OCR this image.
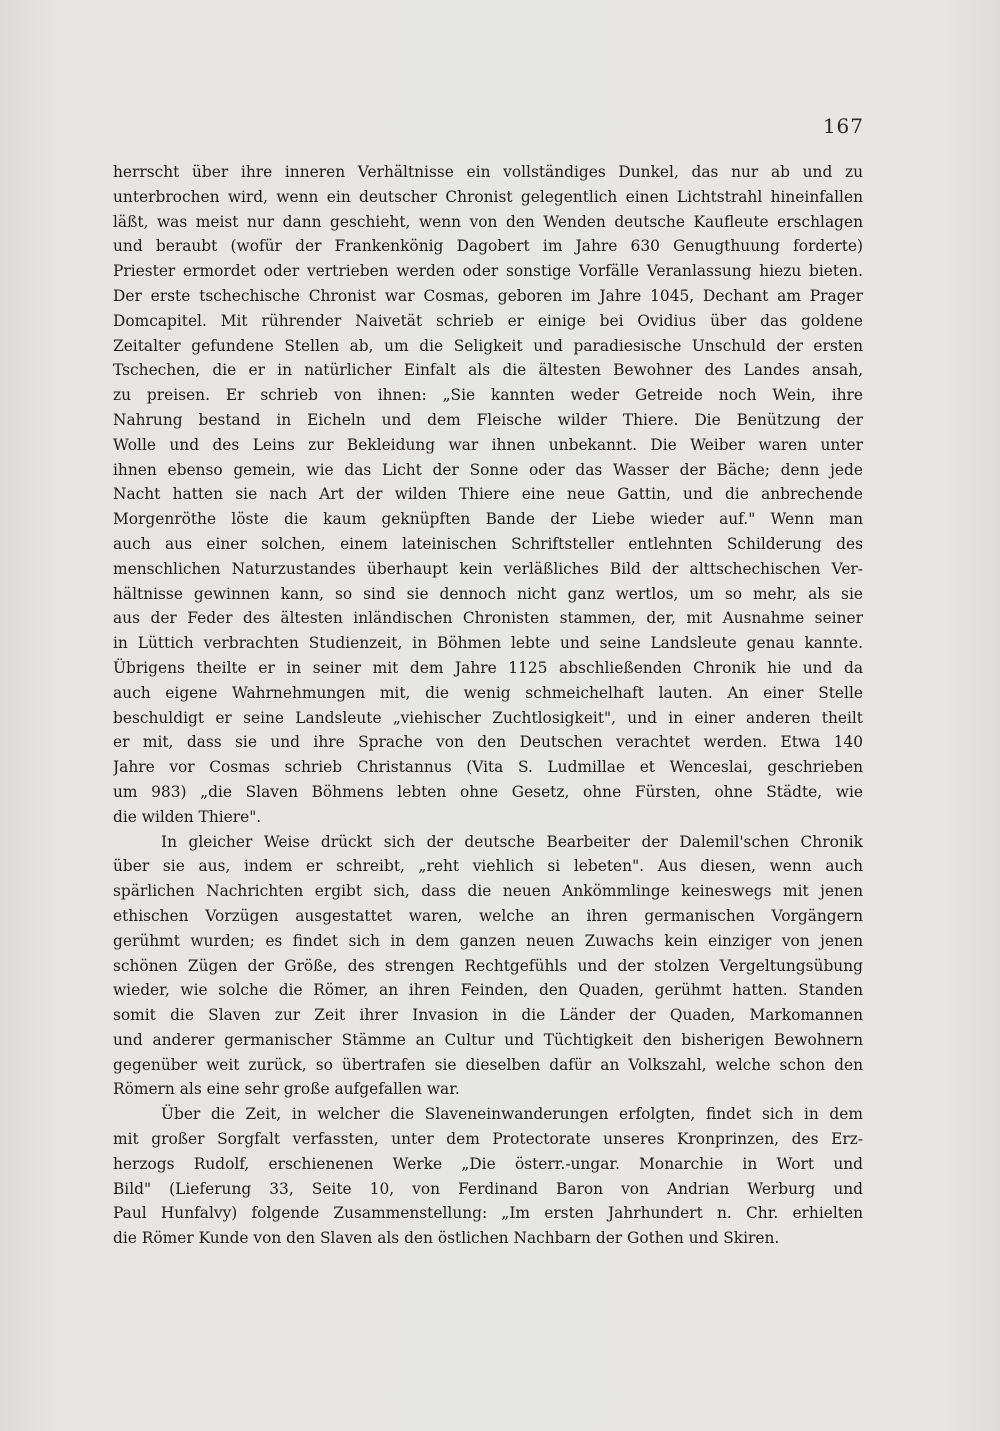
167
herrscht über ihre inneren Verhältnisse ein vollständiges Dunkel, das nur ab und zu
unterbrochen wird, wenn ein deutscher Chronist gelegentlich einen Lichtstrahl hineinfallen
läßt, was meist nur dann geschieht, wenn von den Wenden deutsche Kaufleute erschlagen
und beraubt (wofür der Frankenkönig Dagobert im Jahre 630 Genugthuung forderte)
Priester ermordet oder vertrieben werden oder sonstige Vorfälle Veranlassung hiezu bieten.
Der erste tschechische Chronist war Cosmas, geboren im Jahre 1045, Dechant am Prager
Domcapitel. Mit rührender Naivetät schrieb er einige bei Ovidius über das goldene
Zeitalter gefundene Stellen ab, um die Seligkeit und paradiesische Unschuld der ersten
Tschechen, die er in natürlicher Einfalt als die ältesten Bewohner des Landes ansah,
zu preisen. Er schrieb von ihnen: „Sie kannten weder Getreide noch Wein, ihre
Nahrung bestand in Eicheln und dem Fleische wilder Thiere. Die Benützung der
Wolle und des Leins zur Bekleidung war ihnen unbekannt. Die Weiber waren unter
ihnen ebenso gemein, wie das Licht der Sonne oder das Wasser der Bäche; denn jede
Nacht hatten sie nach Art der wilden Thiere eine neue Gattin, und die anbrechende
Morgenröthe löste die kaum geknüpften Bande der Liebe wieder auf." Wenn man
auch aus einer solchen, einem lateinischen Schriftsteller entlehnten Schilderung des
menschlichen Naturzustandes überhaupt kein verläßliches Bild der alttschechischen Ver-
hältnisse gewinnen kann, so sind sie dennoch nicht ganz wertlos, um so mehr, als sie
aus der Feder des ältesten inländischen Chronisten stammen, der, mit Ausnahme seiner
in Lüttich verbrachten Studienzeit, in Böhmen lebte und seine Landsleute genau kannte.
Übrigens theilte er in seiner mit dem Jahre 1125 abschließenden Chronik hie und da
auch eigene Wahrnehmungen mit, die wenig schmeichelhaft lauten. An einer Stelle
beschuldigt er seine Landsleute „viehischer Zuchtlosigkeit", und in einer anderen theilt
er mit, dass sie und ihre Sprache von den Deutschen verachtet werden. Etwa 140
Jahre vor Cosmas schrieb Christannus (Vita S. Ludmillae et Wenceslai, geschrieben
um 983) „die Slaven Böhmens lebten ohne Gesetz, ohne Fürsten, ohne Städte, wie
die wilden Thiere".
In gleicher Weise drückt sich der deutsche Bearbeiter der Dalemil'schen Chronik
über sie aus, indem er schreibt, „reht viehlich si lebeten". Aus diesen, wenn auch
spärlichen Nachrichten ergibt sich, dass die neuen Ankömmlinge keineswegs mit jenen
ethischen Vorzügen ausgestattet waren, welche an ihren germanischen Vorgängern
gerühmt wurden; es findet sich in dem ganzen neuen Zuwachs kein einziger von jenen
schönen Zügen der Größe, des strengen Rechtgefühls und der stolzen Vergeltungsübung
wieder, wie solche die Römer, an ihren Feinden, den Quaden, gerühmt hatten. Standen
somit die Slaven zur Zeit ihrer Invasion in die Länder der Quaden, Markomannen
und anderer germanischer Stämme an Cultur und Tüchtigkeit den bisherigen Bewohnern
gegenüber weit zurück, so übertrafen sie dieselben dafür an Volkszahl, welche schon den
Römern als eine sehr große aufgefallen war.
Über die Zeit, in welcher die Slaveneinwanderungen erfolgten, findet sich in dem
mit großer Sorgfalt verfassten, unter dem Protectorate unseres Kronprinzen, des Erz-
herzogs Rudolf, erschienenen Werke „Die österr.-ungar. Monarchie in Wort und
Bild" (Lieferung 33, Seite 10, von Ferdinand Baron von Andrian Werburg und
Paul Hunfalvy) folgende Zusammenstellung: „Im ersten Jahrhundert n. Chr. erhielten
die Römer Kunde von den Slaven als den östlichen Nachbarn der Gothen und Skiren.
